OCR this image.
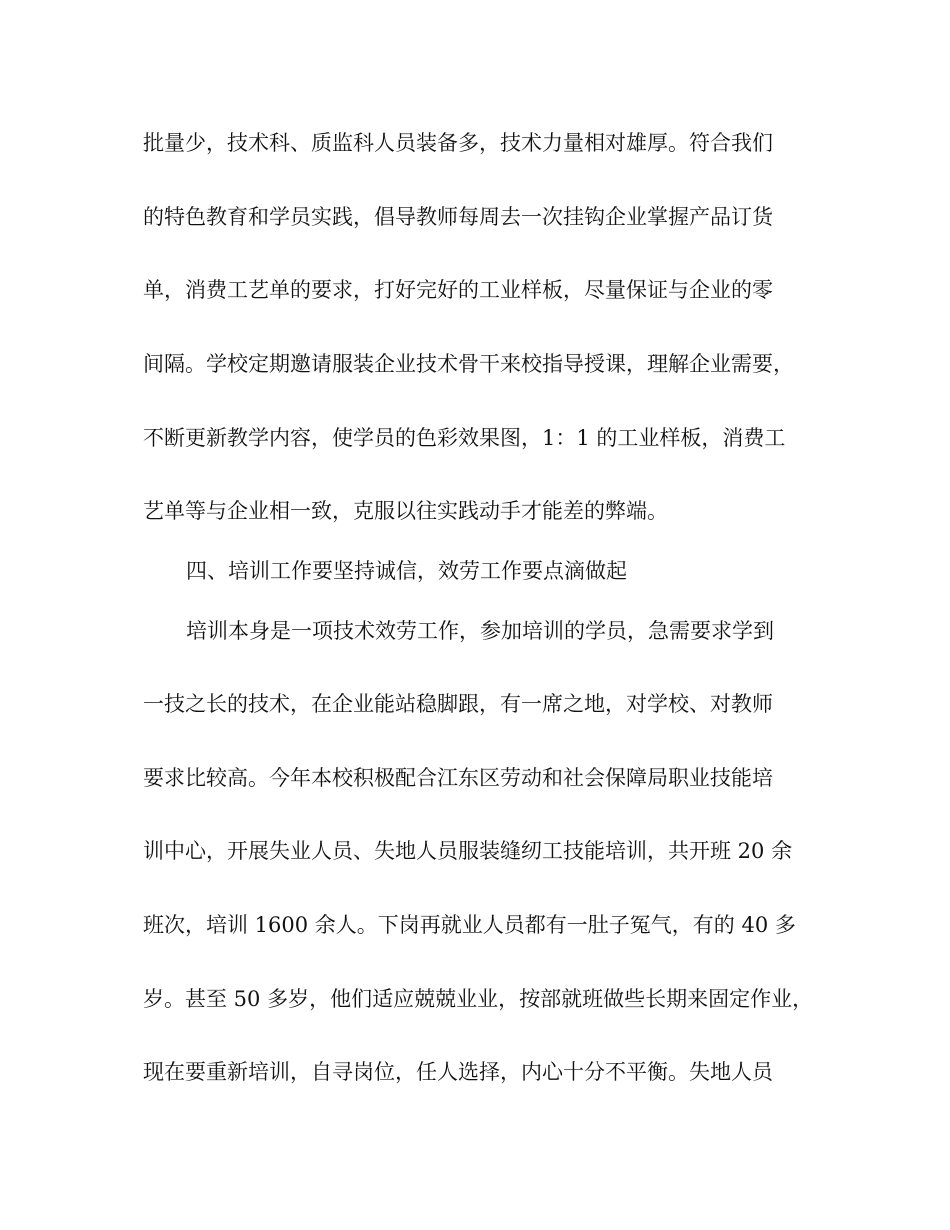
批量少，技术科、质监科人员装备多，技术力量相对雄厚。符合我们
的特色教育和学员实践，倡导教师每周去一次挂钩企业掌握产品订货
单，消费工艺单的要求，打好完好的工业样板，尽量保证与企业的零
间隔。学校定期邀请服装企业技术骨干来校指导授课，理解企业需要，
不断更新教学内容，使学员的色彩效果图，1：1 的工业样板，消费工
艺单等与企业相一致，克服以往实践动手才能差的弊端。
四、培训工作要坚持诚信，效劳工作要点滴做起
培训本身是一项技术效劳工作，参加培训的学员，急需要求学到
一技之长的技术，在企业能站稳脚跟，有一席之地，对学校、对教师
要求比较高。今年本校积极配合江东区劳动和社会保障局职业技能培
训中心，开展失业人员、失地人员服装缝纫工技能培训，共开班 20 余
班次，培训 1600 余人。下岗再就业人员都有一肚子冤气，有的 40 多
岁。甚至 50 多岁，他们适应兢兢业业，按部就班做些长期来固定作业，
现在要重新培训，自寻岗位，任人选择，内心十分不平衡。失地人员
